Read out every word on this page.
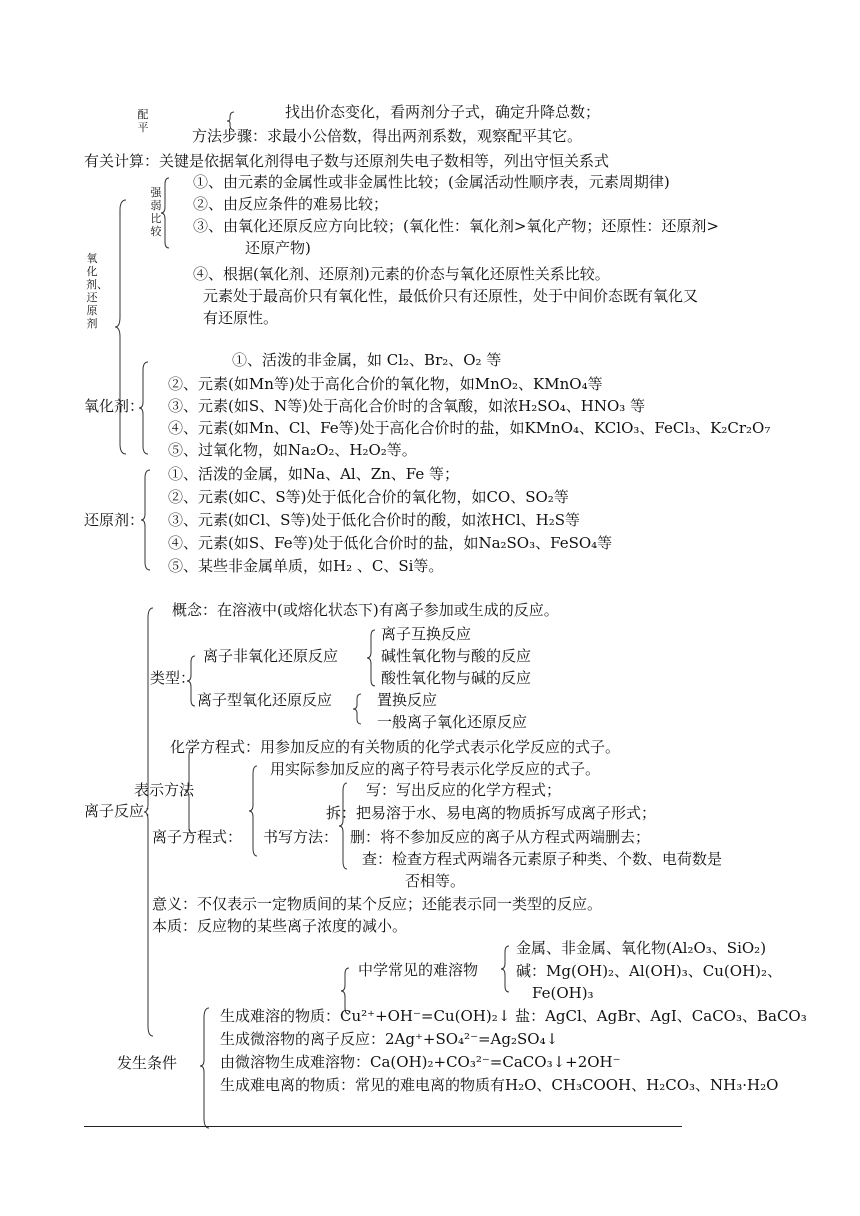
配平
找出价态变化，看两剂分子式，确定升降总数；
方法步骤：求最小公倍数，得出两剂系数，观察配平其它。
有关计算：关键是依据氧化剂得电子数与还原剂失电子数相等，列出守恒关系式
氧化剂、还原剂
强弱比较
①、由元素的金属性或非金属性比较；(金属活动性顺序表，元素周期律)
②、由反应条件的难易比较；
③、由氧化还原反应方向比较；(氧化性：氧化剂>氧化产物；还原性：还原剂>
还原产物)
④、根据(氧化剂、还原剂)元素的价态与氧化还原性关系比较。
元素处于最高价只有氧化性，最低价只有还原性，处于中间价态既有氧化又
有还原性。
氧化剂：
①、活泼的非金属，如 Cl₂、Br₂、O₂ 等
②、元素(如Mn等)处于高化合价的氧化物，如MnO₂、KMnO₄等
③、元素(如S、N等)处于高化合价时的含氧酸，如浓H₂SO₄、HNO₃ 等
④、元素(如Mn、Cl、Fe等)处于高化合价时的盐，如KMnO₄、KClO₃、FeCl₃、K₂Cr₂O₇
⑤、过氧化物，如Na₂O₂、H₂O₂等。
还原剂：
①、活泼的金属，如Na、Al、Zn、Fe 等；
②、元素(如C、S等)处于低化合价的氧化物，如CO、SO₂等
③、元素(如Cl、S等)处于低化合价时的酸，如浓HCl、H₂S等
④、元素(如S、Fe等)处于低化合价时的盐，如Na₂SO₃、FeSO₄等
⑤、某些非金属单质，如H₂ 、C、Si等。
离子反应：
概念：在溶液中(或熔化状态下)有离子参加或生成的反应。
类型：
离子非氧化还原反应
离子互换反应
碱性氧化物与酸的反应
酸性氧化物与碱的反应
离子型氧化还原反应	置换反应
一般离子氧化还原反应
化学方程式：用参加反应的有关物质的化学式表示化学反应的式子。
表示方法
用实际参加反应的离子符号表示化学反应的式子。
离子方程式： 书写方法：
写：写出反应的化学方程式；
拆：把易溶于水、易电离的物质拆写成离子形式；
删：将不参加反应的离子从方程式两端删去；
查：检查方程式两端各元素原子种类、个数、电荷数是
否相等。
意义：不仅表示一定物质间的某个反应；还能表示同一类型的反应。
本质：反应物的某些离子浓度的减小。
发生条件
中学常见的难溶物
金属、非金属、氧化物(Al₂O₃、SiO₂)
碱：Mg(OH)₂、Al(OH)₃、Cu(OH)₂、
Fe(OH)₃
生成难溶的物质：Cu²⁺+OH⁻=Cu(OH)₂↓ 盐：AgCl、AgBr、AgI、CaCO₃、BaCO₃
生成微溶物的离子反应：2Ag⁺+SO₄²⁻=Ag₂SO₄↓
由微溶物生成难溶物：Ca(OH)₂+CO₃²⁻=CaCO₃↓+2OH⁻
生成难电离的物质：常见的难电离的物质有H₂O、CH₃COOH、H₂CO₃、NH₃·H₂O
